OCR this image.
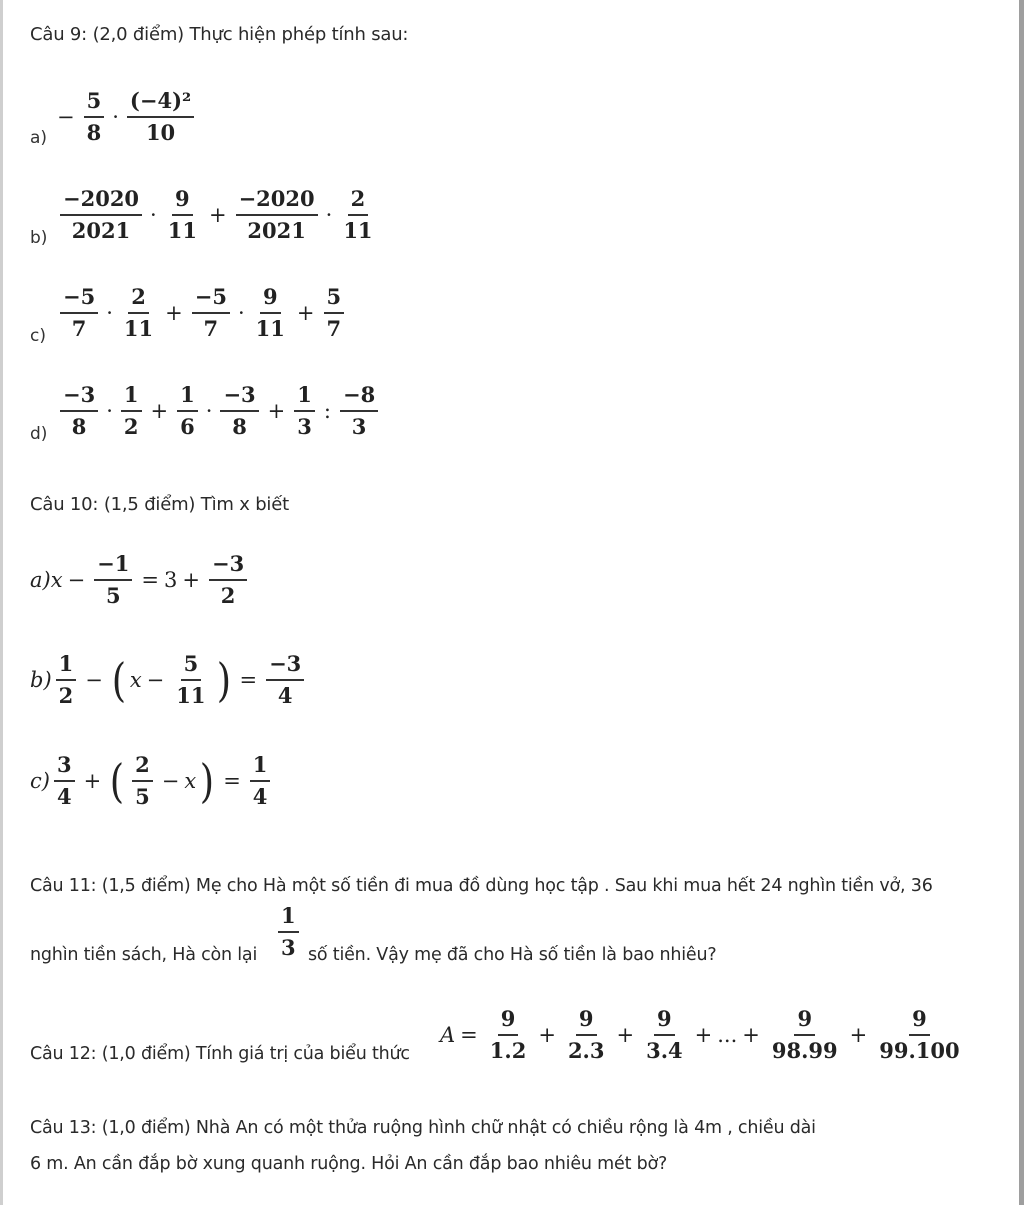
Câu 9: (2,0 điểm) Thực hiện phép tính sau:
a)
− $\frac{5}{8} \cdot \frac{\text{(−4)²}}{10}$
$b) \frac{-2020}{2021} \cdot \frac{9}{11} + \frac{-2020}{2021} \cdot \frac{2}{11}$
$c) \frac{-5}{7} \cdot \frac{2}{11} + \frac{-5}{7} \cdot \frac{9}{11} + \frac{5}{7}$
$d) \frac{-3}{8} \cdot \frac{1}{2} + \frac{1}{6} \cdot \frac{-3}{8} + \frac{1}{3}$ : $\frac{-8}{3}$
Câu 10: (1,5 điểm) Tìm x biết
a) $x - \frac{-1}{5} = 3 + \frac{-3}{2}$
$b) \frac{1}{2}$ − ( $x - \frac{5}{11}$ ) = $\frac{-3}{4}$
$c) \frac{3}{4}$ + ( $\frac{2}{5} - x$ ) = $\frac{1}{4}$
Câu 11: (1,5 điểm) Mẹ cho Hà một số tiền đi mua đồ dùng học tập . Sau khi mua hết 24 nghìn tiền vở, 36
nghìn tiền sách, Hà còn lại $\frac{1}{3}$ số tiền. Vậy mẹ đã cho Hà số tiền là bao nhiêu?
Câu 12: (1,0 điểm) Tính giá trị của biểu thức
$A = \frac{9}{1.2} + \frac{9}{2.3} + \frac{9}{3.4}$ + ... + $\frac{9}{98.99} + \frac{9}{99.100}$
Câu 13: (1,0 điểm) Nhà An có một thửa ruộng hình chữ nhật có chiều rộng là 4m , chiều dài
6 m. An cần đắp bờ xung quanh ruộng. Hỏi An cần đắp bao nhiêu mét bờ?
